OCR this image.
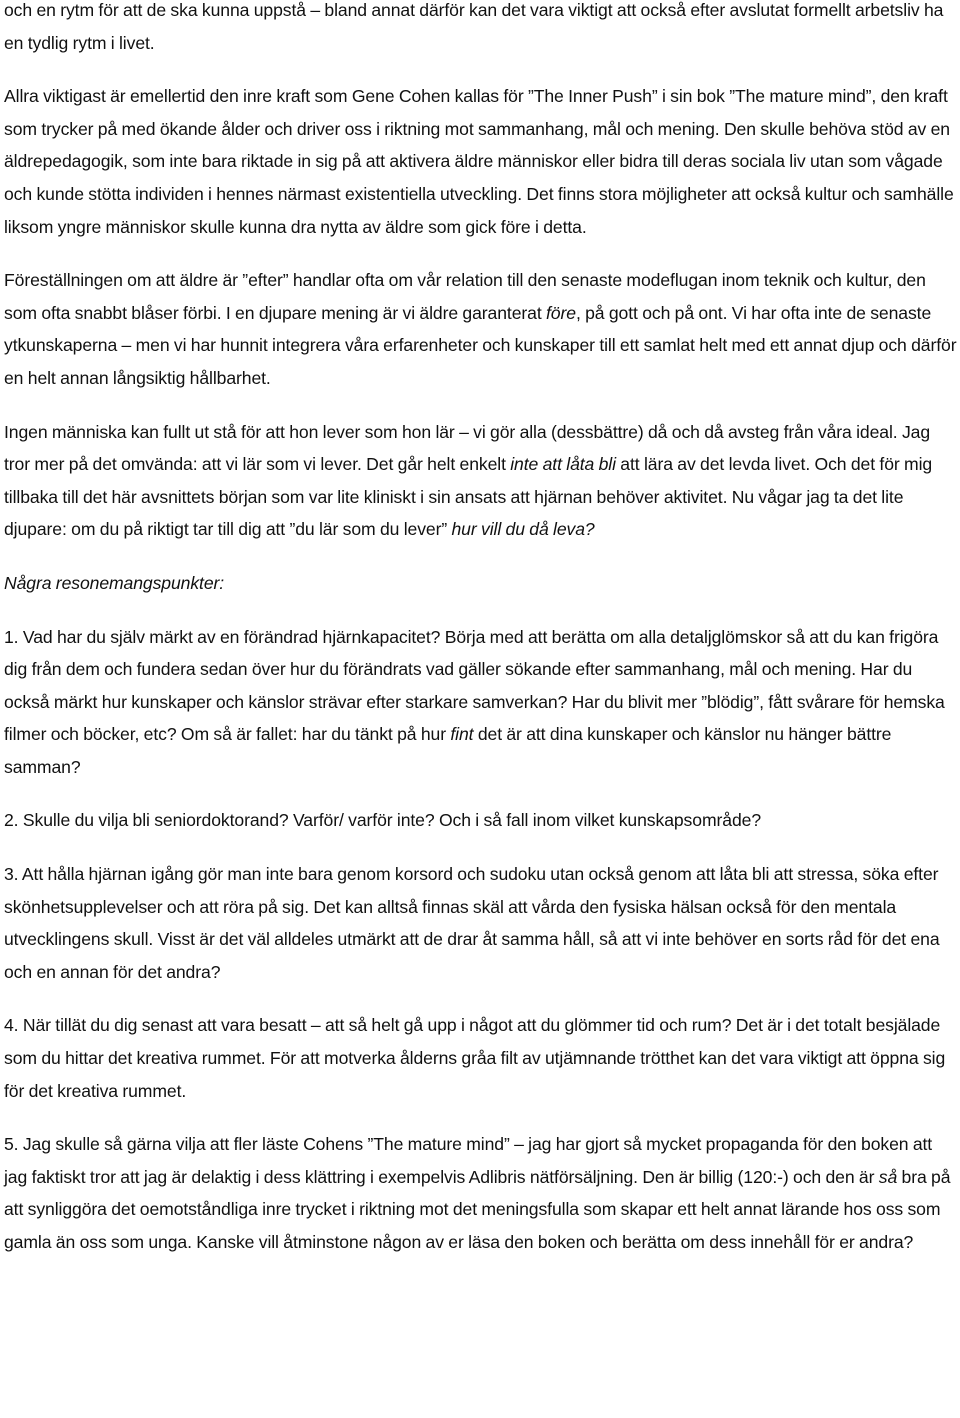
och en rytm för att de ska kunna uppstå – bland annat därför kan det vara viktigt att också efter avslutat formellt arbetsliv ha en tydlig rytm i livet.

Allra viktigast är emellertid den inre kraft som Gene Cohen kallas för ”The Inner Push” i sin bok ”The mature mind”, den kraft som trycker på med ökande ålder och driver oss i riktning mot sammanhang, mål och mening. Den skulle behöva stöd av en äldrepedagogik, som inte bara riktade in sig på att aktivera äldre människor eller bidra till deras sociala liv utan som vågade och kunde stötta individen i hennes närmast existentiella utveckling. Det finns stora möjligheter att också kultur och samhälle liksom yngre människor skulle kunna dra nytta av äldre som gick före i detta.

Föreställningen om att äldre är ”efter” handlar ofta om vår relation till den senaste modeflugan inom teknik och kultur, den som ofta snabbt blåser förbi. I en djupare mening är vi äldre garanterat före, på gott och på ont. Vi har ofta inte de senaste ytkunskaperna – men vi har hunnit integrera våra erfarenheter och kunskaper till ett samlat helt med ett annat djup och därför en helt annan långsiktig hållbarhet.

Ingen människa kan fullt ut stå för att hon lever som hon lär – vi gör alla (dessbättre) då och då avsteg från våra ideal. Jag tror mer på det omvända: att vi lär som vi lever. Det går helt enkelt inte att låta bli att lära av det levda livet. Och det för mig tillbaka till det här avsnittets början som var lite kliniskt i sin ansats att hjärnan behöver aktivitet. Nu vågar jag ta det lite djupare: om du på riktigt tar till dig att ”du lär som du lever” hur vill du då leva?

Några resonemangspunkter:

1. Vad har du själv märkt av en förändrad hjärnkapacitet? Börja med att berätta om alla detaljglömskor så att du kan frigöra dig från dem och fundera sedan över hur du förändrats vad gäller sökande efter sammanhang, mål och mening. Har du också märkt hur kunskaper och känslor strävar efter starkare samverkan? Har du blivit mer ”blödig”, fått svårare för hemska filmer och böcker, etc? Om så är fallet: har du tänkt på hur fint det är att dina kunskaper och känslor nu hänger bättre samman?

2. Skulle du vilja bli seniordoktorand? Varför/ varför inte? Och i så fall inom vilket kunskapsområde?

3. Att hålla hjärnan igång gör man inte bara genom korsord och sudoku utan också genom att låta bli att stressa, söka efter skönhetsupplevelser och att röra på sig. Det kan alltså finnas skäl att vårda den fysiska hälsan också för den mentala utvecklingens skull. Visst är det väl alldeles utmärkt att de drar åt samma håll, så att vi inte behöver en sorts råd för det ena och en annan för det andra?

4. När tillät du dig senast att vara besatt – att så helt gå upp i något att du glömmer tid och rum? Det är i det totalt besjälade som du hittar det kreativa rummet. För att motverka ålderns gråa filt av utjämnande trötthet kan det vara viktigt att öppna sig för det kreativa rummet.

5. Jag skulle så gärna vilja att fler läste Cohens ”The mature mind” – jag har gjort så mycket propaganda för den boken att jag faktiskt tror att jag är delaktig i dess klättring i exempelvis Adlibris nätförsäljning. Den är billig (120:-) och den är så bra på att synliggöra det oemotståndliga inre trycket i riktning mot det meningsfulla som skapar ett helt annat lärande hos oss som gamla än oss som unga. Kanske vill åtminstone någon av er läsa den boken och berätta om dess innehåll för er andra?
